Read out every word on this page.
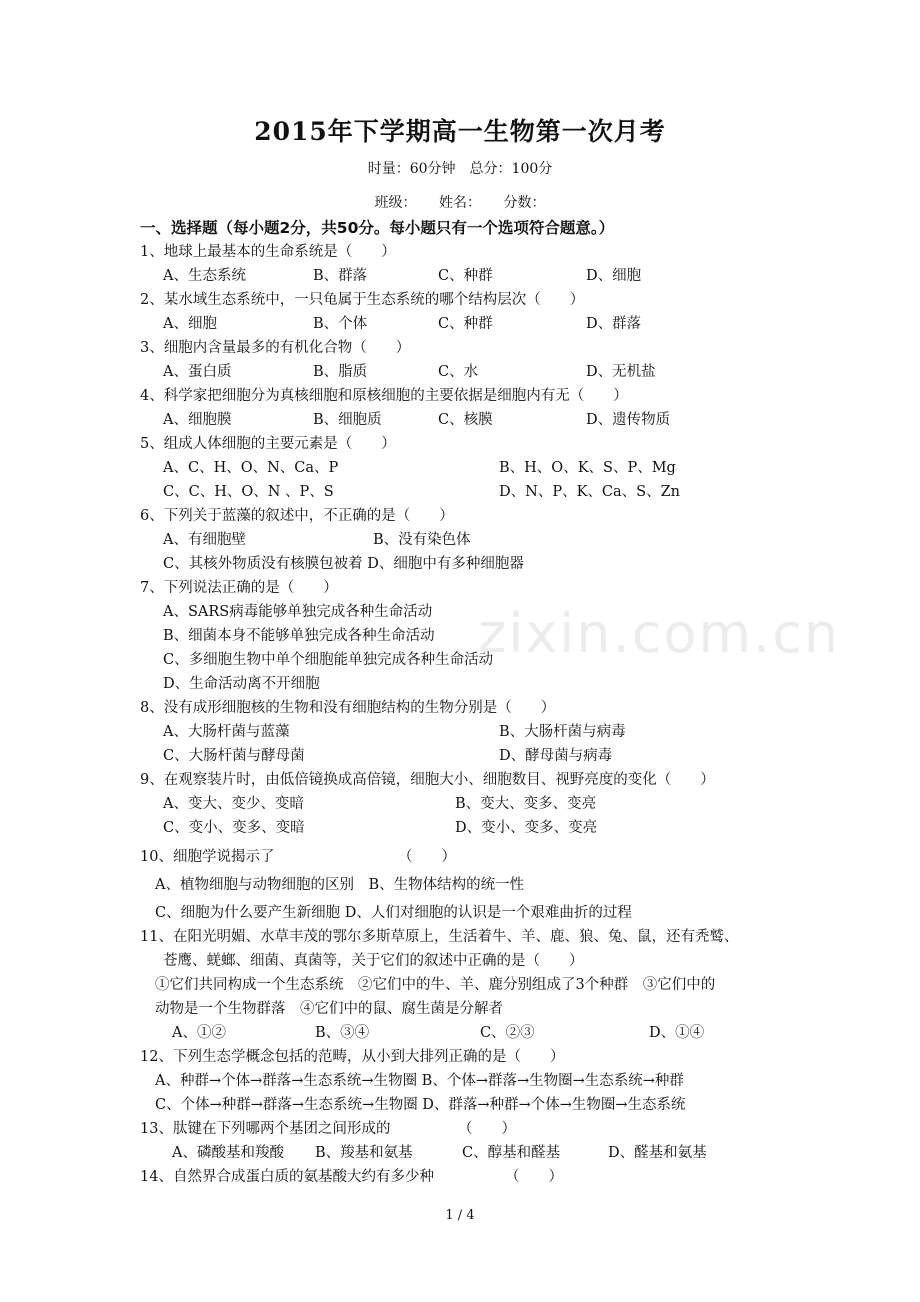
zixin.com.cn
2015年下学期高一生物第一次月考
时量：60分钟　总分：100分
班级： 姓名： 分数：
一、选择题（每小题2分，共50分。每小题只有一个选项符合题意。）
1、地球上最基本的生命系统是（　　）
A、生态系统	B、群落	C、种群	D、细胞
2、某水域生态系统中，一只龟属于生态系统的哪个结构层次（　　）
A、细胞	B、个体	C、种群	D、群落
3、细胞内含量最多的有机化合物（　　）
A、蛋白质	B、脂质	C、水	D、无机盐
4、科学家把细胞分为真核细胞和原核细胞的主要依据是细胞内有无（　　）
A、细胞膜	B、细胞质	C、核膜	D、遗传物质
5、组成人体细胞的主要元素是（　　）
A、C、H、O、N、Ca、P	B、H、O、K、S、P、Mg
C、C、H、O、N 、P、S	D、N、P、K、Ca、S、Zn
6、下列关于蓝藻的叙述中，不正确的是（　　）
A、有细胞壁	B、没有染色体
C、其核外物质没有核膜包被着 D、细胞中有多种细胞器
7、下列说法正确的是（　　）
A、SARS病毒能够单独完成各种生命活动
B、细菌本身不能够单独完成各种生命活动
C、多细胞生物中单个细胞能单独完成各种生命活动
D、生命活动离不开细胞
8、没有成形细胞核的生物和没有细胞结构的生物分别是（　　）
A、大肠杆菌与蓝藻	B、大肠杆菌与病毒
C、大肠杆菌与酵母菌	D、酵母菌与病毒
9、在观察装片时，由低倍镜换成高倍镜，细胞大小、细胞数目、视野亮度的变化（　　）
A、变大、变少、变暗	B、变大、变多、变亮
C、变小、变多、变暗	D、变小、变多、变亮
10、细胞学说揭示了	（　　）
A、植物细胞与动物细胞的区别　B、生物体结构的统一性
C、细胞为什么要产生新细胞 D、人们对细胞的认识是一个艰难曲折的过程
11、在阳光明媚、水草丰茂的鄂尔多斯草原上，生活着牛、羊、鹿、狼、兔、鼠，还有秃鹫、
苍鹰、蜣螂、细菌、真菌等，关于它们的叙述中正确的是（　　）
①它们共同构成一个生态系统　②它们中的牛、羊、鹿分别组成了3个种群　③它们中的
动物是一个生物群落　④它们中的鼠、腐生菌是分解者
A、①②	B、③④	C、②③	D、①④
12、下列生态学概念包括的范畴，从小到大排列正确的是（　　）
A、种群→个体→群落→生态系统→生物圈 B、个体→群落→生物圈→生态系统→种群
C、个体→种群→群落→生态系统→生物圈 D、群落→种群→个体→生物圈→生态系统
13、肽键在下列哪两个基团之间形成的	（　　）
A、磷酸基和羧酸 B、羧基和氨基	C、醇基和醛基	D、醛基和氨基
14、自然界合成蛋白质的氨基酸大约有多少种	（　　）
1 / 4
